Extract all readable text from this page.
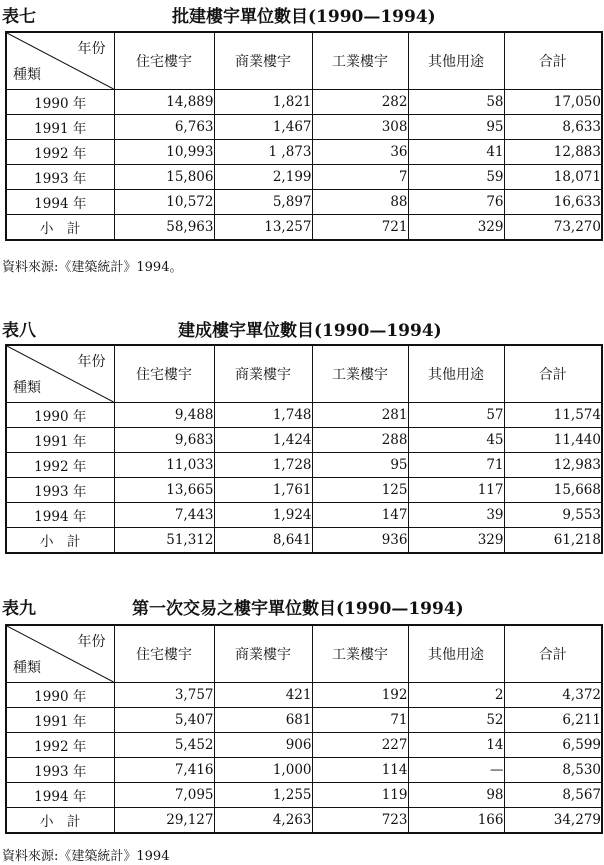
表七	批建樓宇單位數目(1990—1994)
年份
種類	住宅樓宇	商業樓宇	工業樓宇	其他用途	合計
1990 年	14,889	1,821	282	58	17,050
1991 年	6,763	1,467	308	95	8,633
1992 年	10,993	1 ,873	36	41	12,883
1993 年	15,806	2,199	7	59	18,071
1994 年	10,572	5,897	88	76	16,633
小　計	58,963	13,257	721	329	73,270
資料來源:《建築統計》1994。
表八	建成樓宇單位數目(1990—1994)
年份
種類	住宅樓宇	商業樓宇	工業樓宇	其他用途	合計
1990 年	9,488	1,748	281	57	11,574
1991 年	9,683	1,424	288	45	11,440
1992 年	11,033	1,728	95	71	12,983
1993 年	13,665	1,761	125	117	15,668
1994 年	7,443	1,924	147	39	9,553
小　計	51,312	8,641	936	329	61,218
表九	第一次交易之樓宇單位數目(1990—1994)
年份
種類	住宅樓宇	商業樓宇	工業樓宇	其他用途	合計
1990 年	3,757	421	192	2	4,372
1991 年	5,407	681	71	52	6,211
1992 年	5,452	906	227	14	6,599
1993 年	7,416	1,000	114	—	8,530
1994 年	7,095	1,255	119	98	8,567
小　計	29,127	4,263	723	166	34,279
資料來源:《建築統計》1994
